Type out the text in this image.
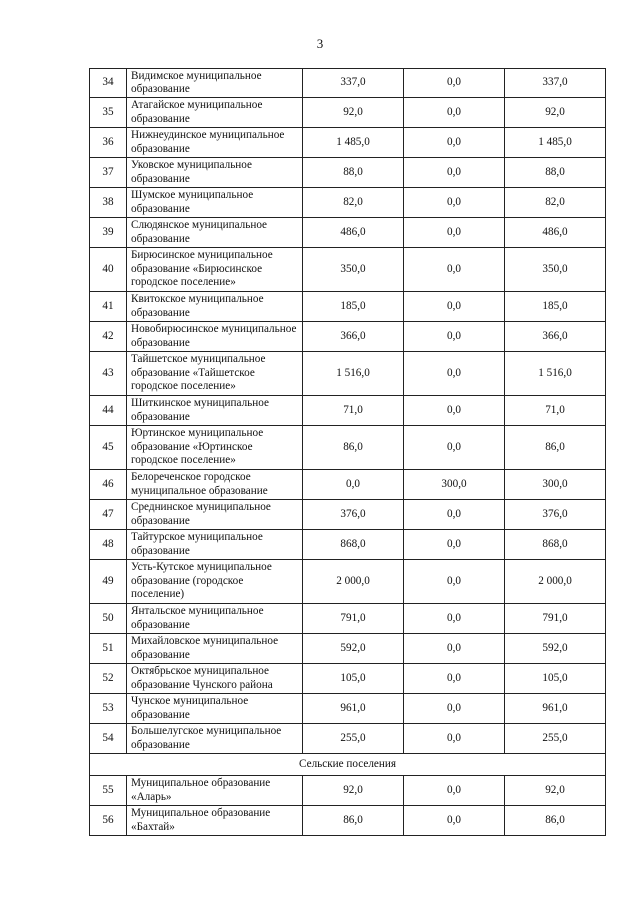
3
34	Видимское муниципальное образование	337,0	0,0	337,0
35	Атагайское муниципальное образование	92,0	0,0	92,0
36	Нижнеудинское муниципальное образование	1 485,0	0,0	1 485,0
37	Уковское муниципальное образование	88,0	0,0	88,0
38	Шумское муниципальное образование	82,0	0,0	82,0
39	Слюдянское муниципальное образование	486,0	0,0	486,0
40	Бирюсинское муниципальное образование «Бирюсинское городское поселение»	350,0	0,0	350,0
41	Квитокское муниципальное образование	185,0	0,0	185,0
42	Новобирюсинское муниципальное образование	366,0	0,0	366,0
43	Тайшетское муниципальное образование «Тайшетское городское поселение»	1 516,0	0,0	1 516,0
44	Шиткинское муниципальное образование	71,0	0,0	71,0
45	Юртинское муниципальное образование «Юртинское городское поселение»	86,0	0,0	86,0
46	Белореченское городское муниципальное образование	0,0	300,0	300,0
47	Среднинское муниципальное образование	376,0	0,0	376,0
48	Тайтурское муниципальное образование	868,0	0,0	868,0
49	Усть-Кутское муниципальное образование (городское поселение)	2 000,0	0,0	2 000,0
50	Янтальское муниципальное образование	791,0	0,0	791,0
51	Михайловское муниципальное образование	592,0	0,0	592,0
52	Октябрьское муниципальное образование Чунского района	105,0	0,0	105,0
53	Чунское муниципальное образование	961,0	0,0	961,0
54	Большелугское муниципальное образование	255,0	0,0	255,0
Сельские поселения				
55	Муниципальное образование «Аларь»	92,0	0,0	92,0
56	Муниципальное образование «Бахтай»	86,0	0,0	86,0
